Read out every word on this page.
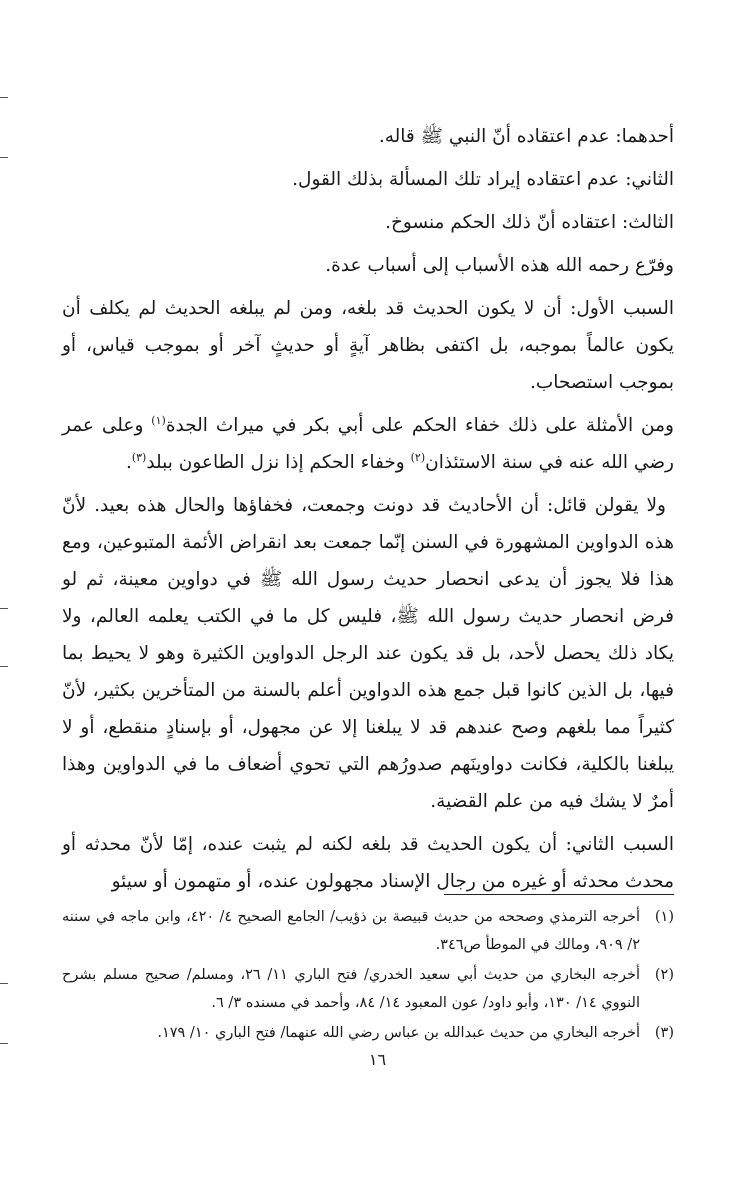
أحدهما: عدم اعتقاده أنّ النبي ﷺ قاله.

الثاني: عدم اعتقاده إيراد تلك المسألة بذلك القول.

الثالث: اعتقاده أنّ ذلك الحكم منسوخ.

وفرّع رحمه الله هذه الأسباب إلى أسباب عدة.

السبب الأول: أن لا يكون الحديث قد بلغه، ومن لم يبلغه الحديث لم يكلف أن يكون عالماً بموجبه، بل اكتفى بظاهر آيةٍ أو حديثٍ آخر أو بموجب قياس، أو بموجب استصحاب.

ومن الأمثلة على ذلك خفاء الحكم على أبي بكر في ميراث الجدة$^{(١)}$ وعلى عمر رضي الله عنه في سنة الاستئذان$^{(٢)}$ وخفاء الحكم إذا نزل الطاعون ببلد$^{(٣)}$.

ولا يقولن قائل: أن الأحاديث قد دونت وجمعت، فخفاؤها والحال هذه بعيد. لأنّ هذه الدواوين المشهورة في السنن إنّما جمعت بعد انقراض الأئمة المتبوعين، ومع هذا فلا يجوز أن يدعى انحصار حديث رسول الله ﷺ في دواوين معينة، ثم لو فرض انحصار حديث رسول الله ﷺ، فليس كل ما في الكتب يعلمه العالم، ولا يكاد ذلك يحصل لأحد، بل قد يكون عند الرجل الدواوين الكثيرة وهو لا يحيط بما فيها، بل الذين كانوا قبل جمع هذه الدواوين أعلم بالسنة من المتأخرين بكثير، لأنّ كثيراً مما بلغهم وصح عندهم قد لا يبلغنا إلا عن مجهول، أو بإسنادٍ منقطع، أو لا يبلغنا بالكلية، فكانت دواوينَهم صدورُهم التي تحوي أضعاف ما في الدواوين وهذا أمرٌ لا يشك فيه من علم القضية.

السبب الثاني: أن يكون الحديث قد بلغه لكنه لم يثبت عنده، إمّا لأنّ محدثه أو محدث محدثه أو غيره من رجال الإسناد مجهولون عنده، أو متهمون أو سيئو

(١)
أخرجه الترمذي وصححه من حديث قبيصة بن ذؤيب/ الجامع الصحيح ٤/ ٤٢٠، وابن ماجه في سننه ٢/ ٩٠٩، ومالك في الموطأ ص٣٤٦.
(٢)
أخرجه البخاري من حديث أبي سعيد الخدري/ فتح الباري ١١/ ٢٦، ومسلم/ صحيح مسلم بشرح النووي ١٤/ ١٣٠، وأبو داود/ عون المعبود ١٤/ ٨٤، وأحمد في مسنده ٣/ ٦.
(٣)
أخرجه البخاري من حديث عبدالله بن عباس رضي الله عنهما/ فتح الباري ١٠/ ١٧٩.
١٦
